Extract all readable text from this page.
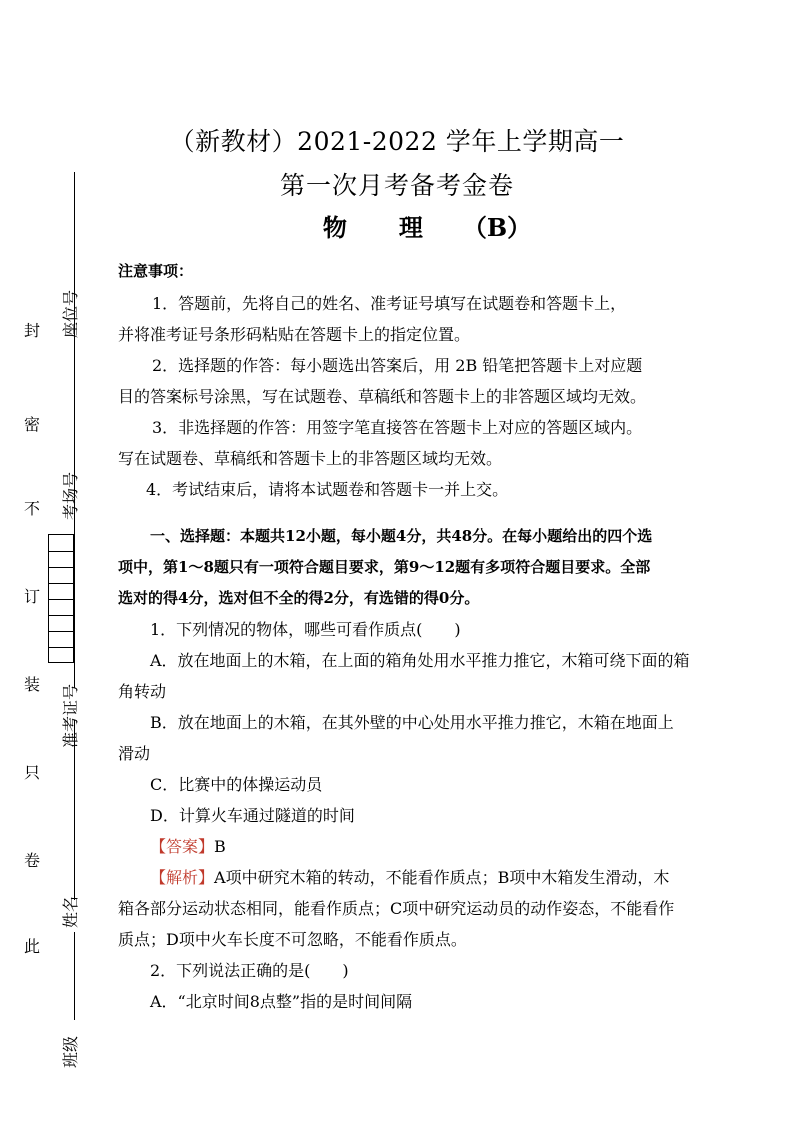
（新教材）2021-2022 学年上学期高一
第一次月考备考金卷
物 理 （B）
座位号
考场号
准考证号
姓名
班级
封
密
不
订
装
只
卷
此
注意事项：
1．答题前，先将自己的姓名、准考证号填写在试题卷和答题卡上，
并将准考证号条形码粘贴在答题卡上的指定位置。
2．选择题的作答：每小题选出答案后，用 2B 铅笔把答题卡上对应题
目的答案标号涂黑，写在试题卷、草稿纸和答题卡上的非答题区域均无效。
3．非选择题的作答：用签字笔直接答在答题卡上对应的答题区域内。
写在试题卷、草稿纸和答题卡上的非答题区域均无效。
4．考试结束后，请将本试题卷和答题卡一并上交。
一、选择题：本题共12小题，每小题4分，共48分。在每小题给出的四个选
项中，第1～8题只有一项符合题目要求，第9～12题有多项符合题目要求。全部
选对的得4分，选对但不全的得2分，有选错的得0分。
1．下列情况的物体，哪些可看作质点(　　)
A．放在地面上的木箱，在上面的箱角处用水平推力推它，木箱可绕下面的箱
角转动
B．放在地面上的木箱，在其外壁的中心处用水平推力推它，木箱在地面上
滑动
C．比赛中的体操运动员
D．计算火车通过隧道的时间
【答案】B
【解析】A项中研究木箱的转动，不能看作质点；B项中木箱发生滑动，木
箱各部分运动状态相同，能看作质点；C项中研究运动员的动作姿态，不能看作
质点；D项中火车长度不可忽略，不能看作质点。
2．下列说法正确的是(　　)
A．“北京时间8点整”指的是时间间隔
